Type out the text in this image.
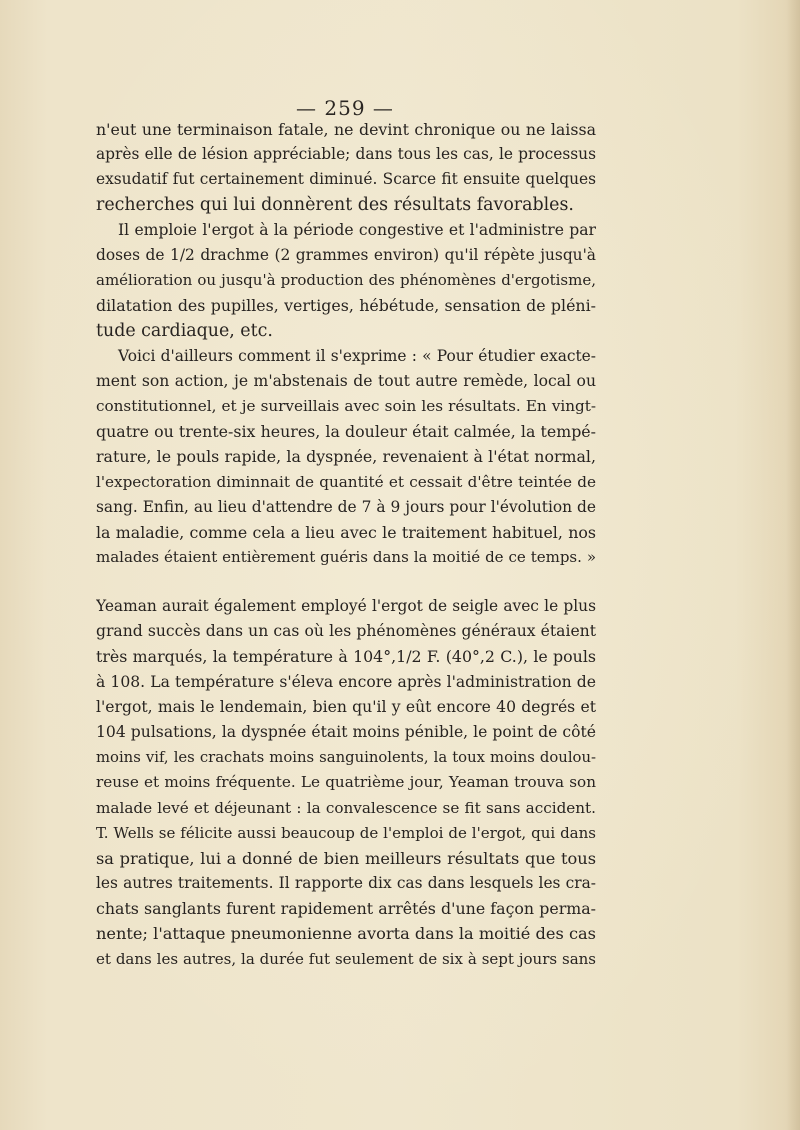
— 259 —
n'eut une terminaison fatale, ne devint chronique ou ne laissa
après elle de lésion appréciable; dans tous les cas, le processus
exsudatif fut certainement diminué. Scarce fit ensuite quelques
recherches qui lui donnèrent des résultats favorables.
Il emploie l'ergot à la période congestive et l'administre par
doses de 1/2 drachme (2 grammes environ) qu'il répète jusqu'à
amélioration ou jusqu'à production des phénomènes d'ergotisme,
dilatation des pupilles, vertiges, hébétude, sensation de pléni-
tude cardiaque, etc.
Voici d'ailleurs comment il s'exprime : « Pour étudier exacte-
ment son action, je m'abstenais de tout autre remède, local ou
constitutionnel, et je surveillais avec soin les résultats. En vingt-
quatre ou trente-six heures, la douleur était calmée, la tempé-
rature, le pouls rapide, la dyspnée, revenaient à l'état normal,
l'expectoration diminnait de quantité et cessait d'être teintée de
sang. Enfin, au lieu d'attendre de 7 à 9 jours pour l'évolution de
la maladie, comme cela a lieu avec le traitement habituel, nos
malades étaient entièrement guéris dans la moitié de ce temps. »
Yeaman aurait également employé l'ergot de seigle avec le plus
grand succès dans un cas où les phénomènes généraux étaient
très marqués, la température à 104°,1/2 F. (40°,2 C.), le pouls
à 108. La température s'éleva encore après l'administration de
l'ergot, mais le lendemain, bien qu'il y eût encore 40 degrés et
104 pulsations, la dyspnée était moins pénible, le point de côté
moins vif, les crachats moins sanguinolents, la toux moins doulou-
reuse et moins fréquente. Le quatrième jour, Yeaman trouva son
malade levé et déjeunant : la convalescence se fit sans accident.
T. Wells se félicite aussi beaucoup de l'emploi de l'ergot, qui dans
sa pratique, lui a donné de bien meilleurs résultats que tous
les autres traitements. Il rapporte dix cas dans lesquels les cra-
chats sanglants furent rapidement arrêtés d'une façon perma-
nente; l'attaque pneumonienne avorta dans la moitié des cas
et dans les autres, la durée fut seulement de six à sept jours sans
